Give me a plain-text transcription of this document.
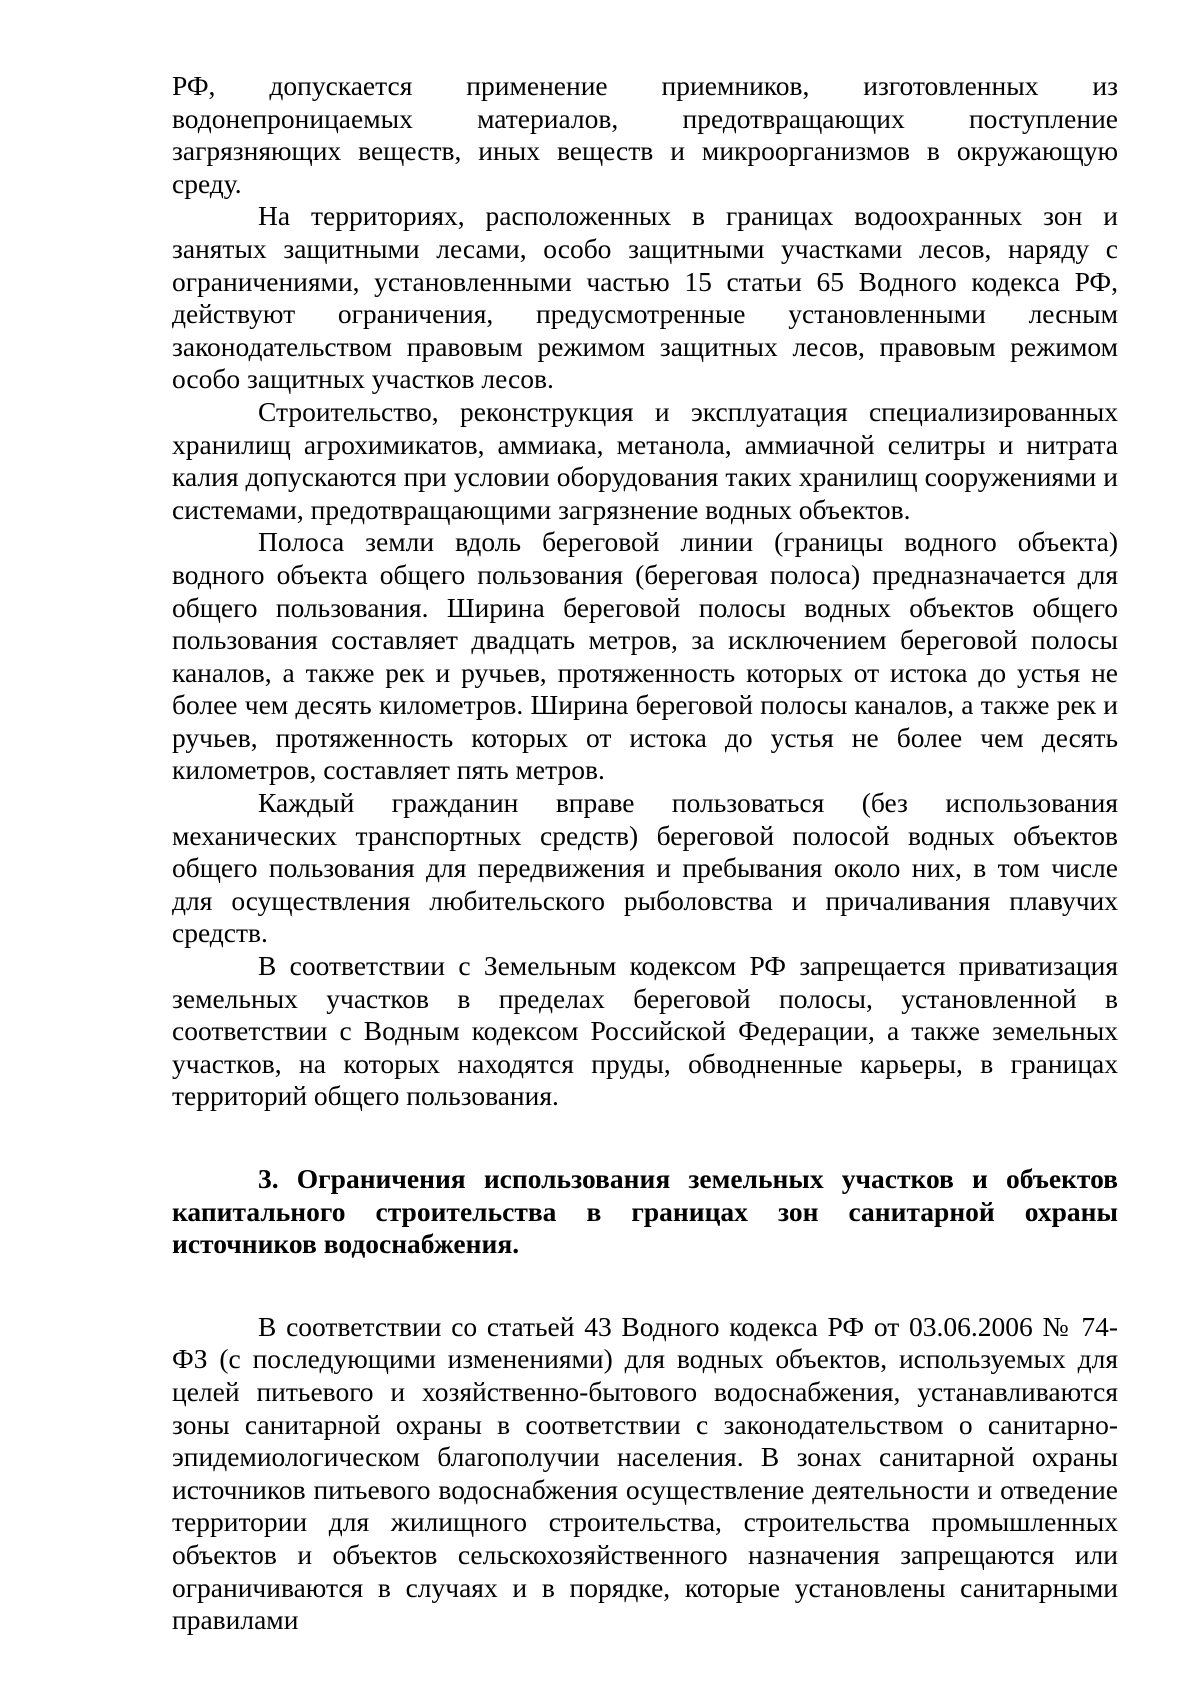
РФ, допускается применение приемников, изготовленных из водонепроницаемых материалов, предотвращающих поступление загрязняющих веществ, иных веществ и микроорганизмов в окружающую среду.

На территориях, расположенных в границах водоохранных зон и занятых защитными лесами, особо защитными участками лесов, наряду с ограничениями, установленными частью 15 статьи 65 Водного кодекса РФ, действуют ограничения, предусмотренные установленными лесным законодательством правовым режимом защитных лесов, правовым режимом особо защитных участков лесов.

Строительство, реконструкция и эксплуатация специализированных хранилищ агрохимикатов, аммиака, метанола, аммиачной селитры и нитрата калия допускаются при условии оборудования таких хранилищ сооружениями и системами, предотвращающими загрязнение водных объектов.

Полоса земли вдоль береговой линии (границы водного объекта) водного объекта общего пользования (береговая полоса) предназначается для общего пользования. Ширина береговой полосы водных объектов общего пользования составляет двадцать метров, за исключением береговой полосы каналов, а также рек и ручьев, протяженность которых от истока до устья не более чем десять километров. Ширина береговой полосы каналов, а также рек и ручьев, протяженность которых от истока до устья не более чем десять километров, составляет пять метров.

Каждый гражданин вправе пользоваться (без использования механических транспортных средств) береговой полосой водных объектов общего пользования для передвижения и пребывания около них, в том числе для осуществления любительского рыболовства и причаливания плавучих средств.

В соответствии с Земельным кодексом РФ запрещается приватизация земельных участков в пределах береговой полосы, установленной в соответствии с Водным кодексом Российской Федерации, а также земельных участков, на которых находятся пруды, обводненные карьеры, в границах территорий общего пользования.

3. Ограничения использования земельных участков и объектов капитального строительства в границах зон санитарной охраны источников водоснабжения.

В соответствии со статьей 43 Водного кодекса РФ от 03.06.2006 № 74-ФЗ (с последующими изменениями) для водных объектов, используемых для целей питьевого и хозяйственно-бытового водоснабжения, устанавливаются зоны санитарной охраны в соответствии с законодательством о санитарно-эпидемиологическом благополучии населения. В зонах санитарной охраны источников питьевого водоснабжения осуществление деятельности и отведение территории для жилищного строительства, строительства промышленных объектов и объектов сельскохозяйственного назначения запрещаются или ограничиваются в случаях и в порядке, которые установлены санитарными правилами
